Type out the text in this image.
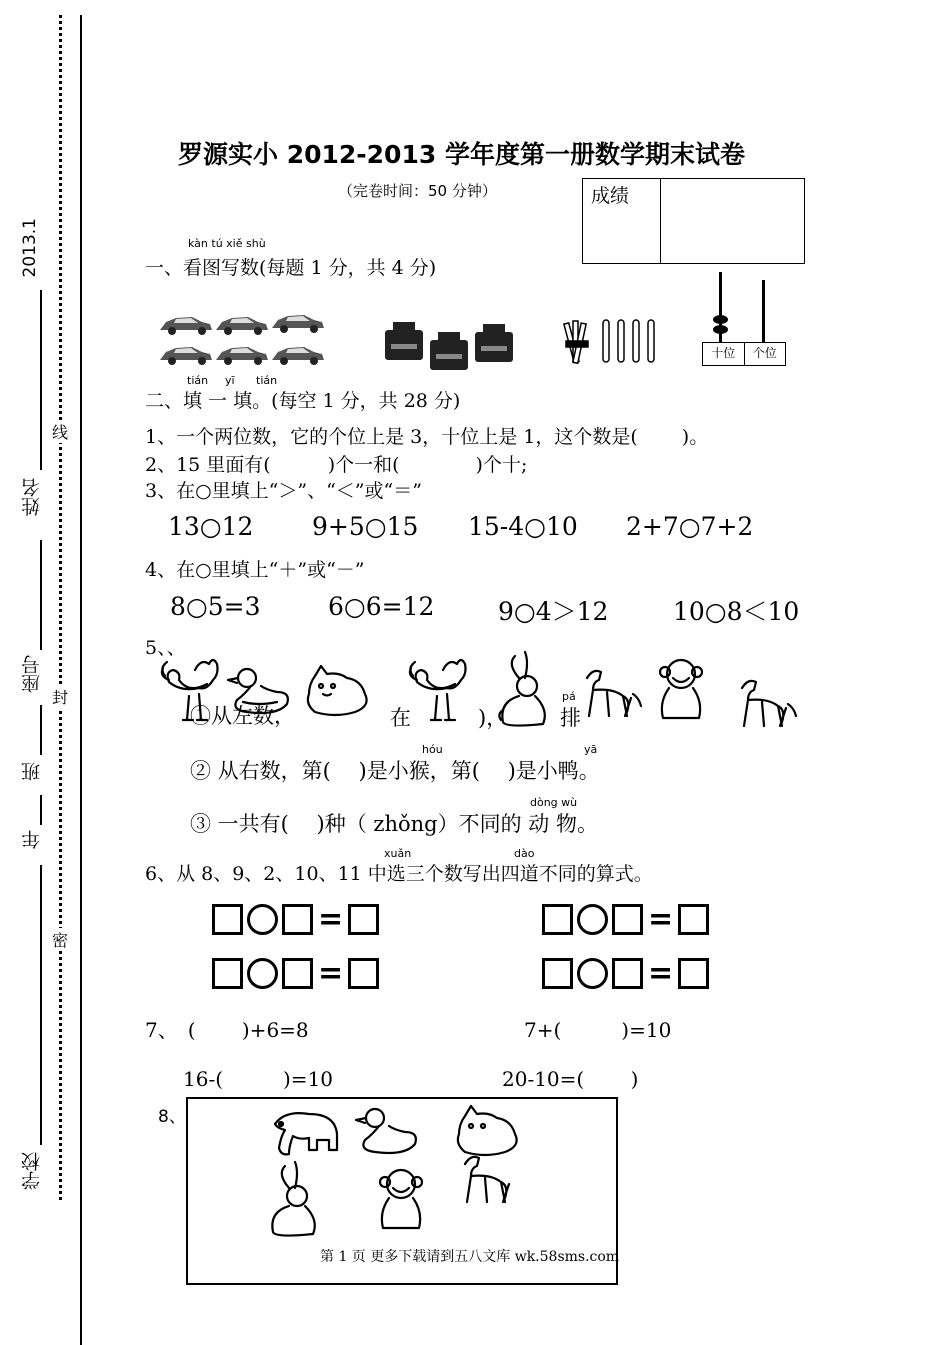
2013.1
姓名
座号
班
年
学校
密
封
线
罗源实小 2012-2013 学年度第一册数学期末试卷
（完卷时间：50 分钟）	成绩
kàn tú xiě shù
一、看图写数(每题 1 分，共 4 分)
十位	个位
tián yī tián
二、填 一 填。(每空 1 分，共 28 分)
1、一个两位数，它的个位上是 3，十位上是 1，这个数是(　　 )。
2、15 里面有(　　　)个一和(　　　　)个十;
3、在○里填上“＞”、“＜”或“＝”
13○12 9+5○15 15-4○10 2+7○7+2
4、在○里填上“＋”或“－”
8○5=3	6○6=12	9○4＞12	10○8＜10
5、、
①从左数，	在	)，
pá
排
hóu	yā
② 从右数，第(　 )是小猴，第(　 )是小鸭。
dòng wù
③ 一共有(　 )种（ zhǒng）不同的 动 物。
xuǎn	dào
6、从 8、9、2、10、11 中选三个数写出四道不同的算式。
=	=
=	=
7、　(　　 )+6=8	7+(　　　)=10
16-(　　　)=10	20-10=(　　 )
8、
第 1 页 更多下载请到五八文库 wk.58sms.com
